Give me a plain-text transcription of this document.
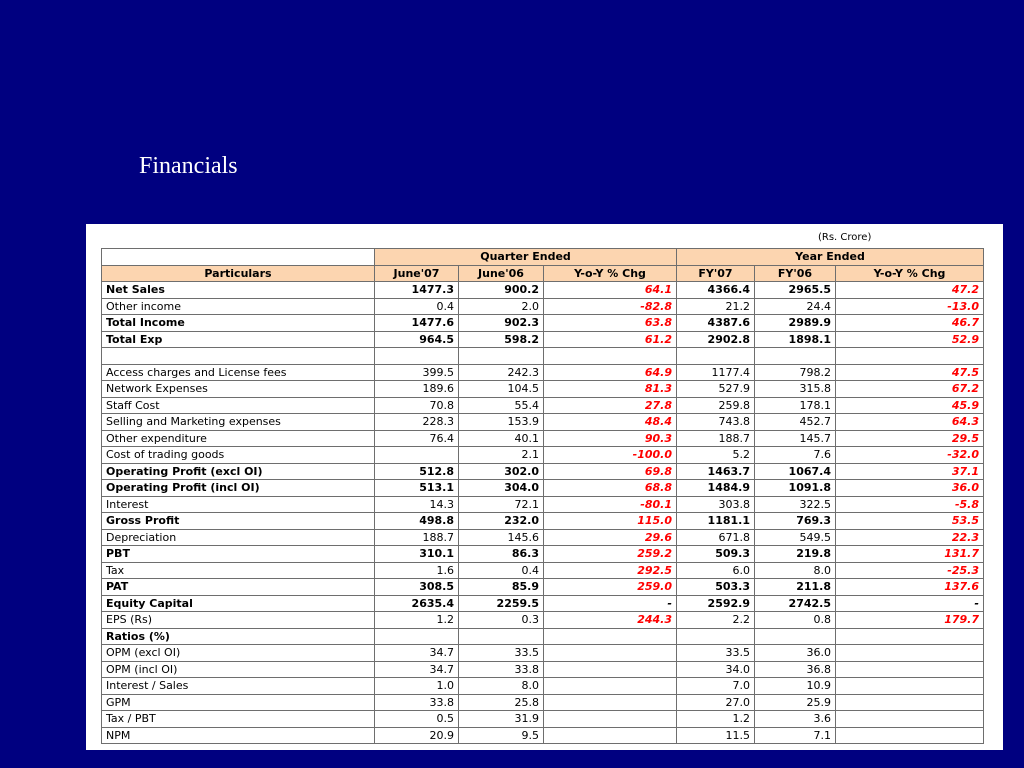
Financials
(Rs. Crore)
	Quarter Ended			Year Ended		
Particulars	June'07	June'06	Y-o-Y % Chg	FY'07	FY'06	Y-o-Y % Chg
Net Sales	1477.3	900.2	64.1	4366.4	2965.5	47.2
Other income	0.4	2.0	-82.8	21.2	24.4	-13.0
Total Income	1477.6	902.3	63.8	4387.6	2989.9	46.7
Total Exp	964.5	598.2	61.2	2902.8	1898.1	52.9

Access charges and License fees	399.5	242.3	64.9	1177.4	798.2	47.5
Network Expenses	189.6	104.5	81.3	527.9	315.8	67.2
Staff Cost	70.8	55.4	27.8	259.8	178.1	45.9
Selling and Marketing expenses	228.3	153.9	48.4	743.8	452.7	64.3
Other expenditure	76.4	40.1	90.3	188.7	145.7	29.5
Cost of trading goods		2.1	-100.0	5.2	7.6	-32.0
Operating Profit (excl OI)	512.8	302.0	69.8	1463.7	1067.4	37.1
Operating Profit (incl OI)	513.1	304.0	68.8	1484.9	1091.8	36.0
Interest	14.3	72.1	-80.1	303.8	322.5	-5.8
Gross Profit	498.8	232.0	115.0	1181.1	769.3	53.5
Depreciation	188.7	145.6	29.6	671.8	549.5	22.3
PBT	310.1	86.3	259.2	509.3	219.8	131.7
Tax	1.6	0.4	292.5	6.0	8.0	-25.3
PAT	308.5	85.9	259.0	503.3	211.8	137.6
Equity Capital	2635.4	2259.5	-	2592.9	2742.5	-
EPS (Rs)	1.2	0.3	244.3	2.2	0.8	179.7
Ratios (%)						
OPM (excl OI)	34.7	33.5		33.5	36.0	
OPM (incl OI)	34.7	33.8		34.0	36.8	
Interest / Sales	1.0	8.0		7.0	10.9	
GPM	33.8	25.8		27.0	25.9	
Tax / PBT	0.5	31.9		1.2	3.6	
NPM	20.9	9.5		11.5	7.1	
